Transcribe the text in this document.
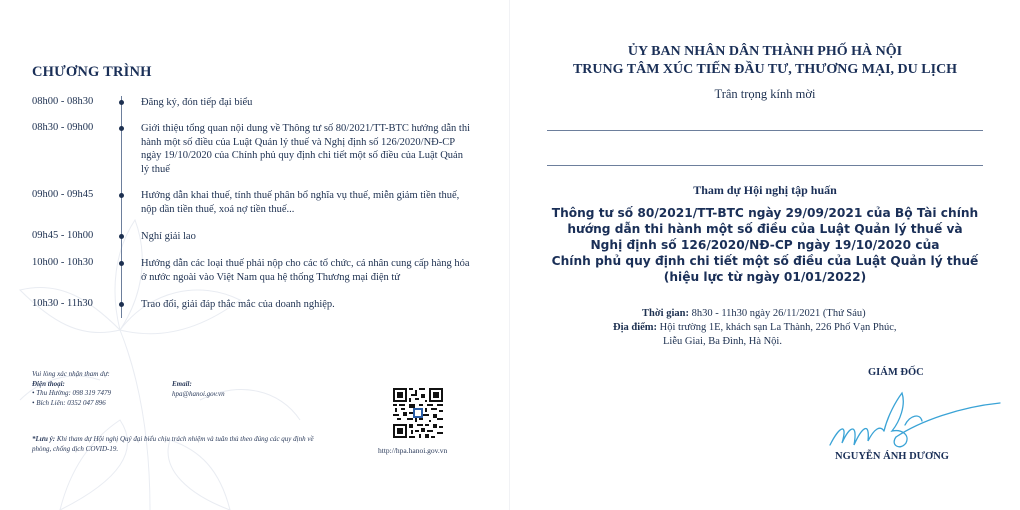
CHƯƠNG TRÌNH
08h00 - 08h30	Đăng ký, đón tiếp đại biểu
08h30 - 09h00	Giới thiệu tổng quan nội dung về Thông tư số 80/2021/TT-BTC hướng dẫn thi hành một số điều của Luật Quản lý thuế và Nghị định số 126/2020/NĐ-CP ngày 19/10/2020 của Chính phủ quy định chi tiết một số điều của Luật Quản lý thuế
09h00 - 09h45	Hướng dẫn khai thuế, tính thuế phân bổ nghĩa vụ thuế, miễn giảm tiền thuế, nộp dần tiền thuế, xoá nợ tiền thuế...
09h45 - 10h00	Nghỉ giải lao
10h00 - 10h30	Hướng dẫn các loại thuế phải nộp cho các tổ chức, cá nhân cung cấp hàng hóa ở nước ngoài vào Việt Nam qua hệ thống Thương mại điện tử
10h30 - 11h30	Trao đổi, giải đáp thắc mắc của doanh nghiệp.
Vui lòng xác nhận tham dự:
Điện thoại:
• Thu Hường: 098 319 7479
• Bích Liên: 0352 047 896
Email:
hpa@hanoi.gov.vn
*Lưu ý: Khi tham dự Hội nghị Quý đại biểu chịu trách nhiệm và tuân thủ theo đúng các quy định về phòng, chống dịch COVID-19.	http://hpa.hanoi.gov.vn
ỦY BAN NHÂN DÂN THÀNH PHỐ HÀ NỘI
TRUNG TÂM XÚC TIẾN ĐẦU TƯ, THƯƠNG MẠI, DU LỊCH
Trân trọng kính mời
Tham dự Hội nghị tập huấn
Thông tư số 80/2021/TT-BTC ngày 29/09/2021 của Bộ Tài chính
hướng dẫn thi hành một số điều của Luật Quản lý thuế và
Nghị định số 126/2020/NĐ-CP ngày 19/10/2020 của
Chính phủ quy định chi tiết một số điều của Luật Quản lý thuế
(hiệu lực từ ngày 01/01/2022)
Thời gian: 8h30 - 11h30 ngày 26/11/2021 (Thứ Sáu)
Địa điểm: Hội trường 1E, khách sạn La Thành, 226 Phố Vạn Phúc,
Liễu Giai, Ba Đình, Hà Nội.
GIÁM ĐỐC
NGUYỄN ÁNH DƯƠNG
